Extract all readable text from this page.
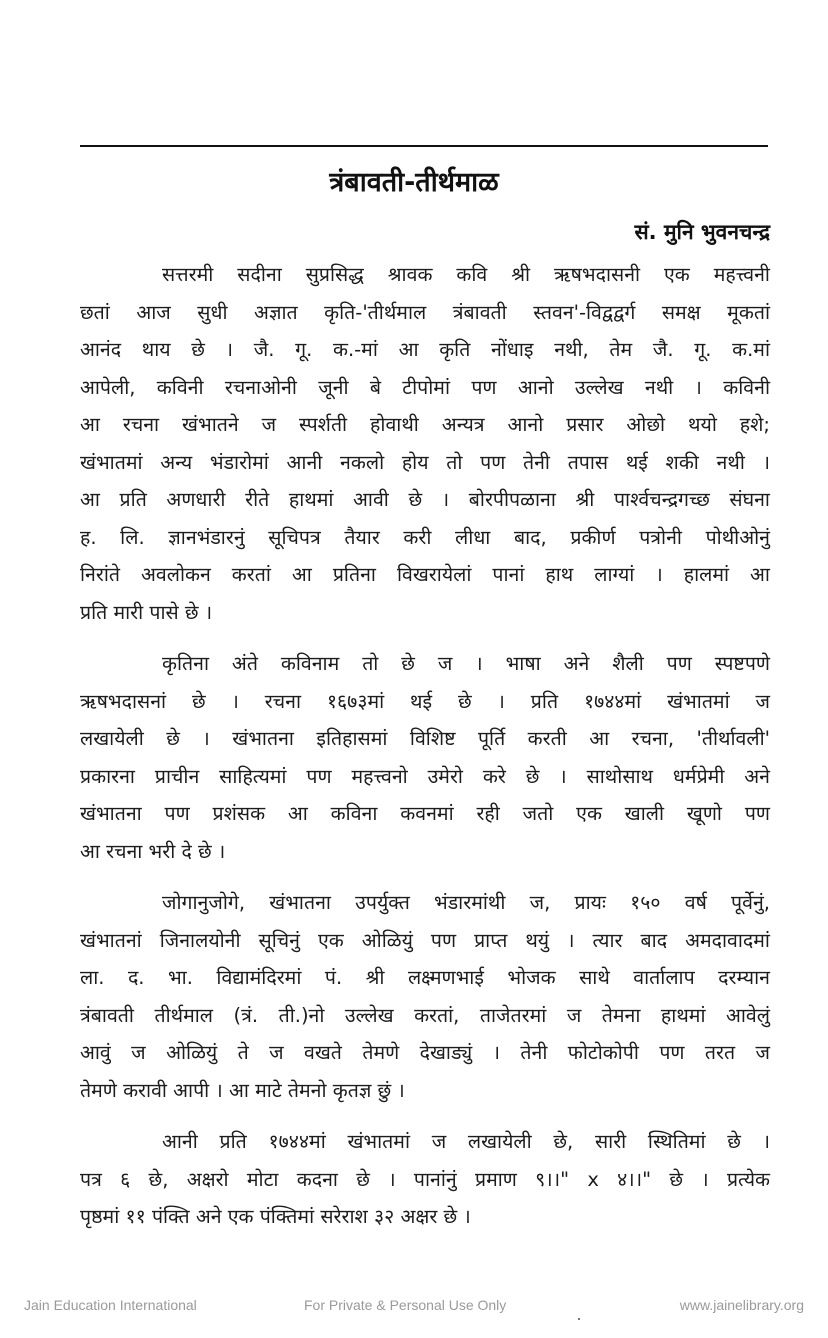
त्रंबावती-तीर्थमाळ
सं. मुनि भुवनचन्द्र
सत्तरमी सदीना सुप्रसिद्ध श्रावक कवि श्री ऋषभदासनी एक महत्त्वनी
छतां आज सुधी अज्ञात कृति-'तीर्थमाल त्रंबावती स्तवन'-विद्वद्वर्ग समक्ष मूकतां
आनंद थाय छे । जै. गू. क.-मां आ कृति नोंधाइ नथी, तेम जै. गू. क.मां
आपेली, कविनी रचनाओनी जूनी बे टीपोमां पण आनो उल्लेख नथी । कविनी
आ रचना खंभातने ज स्पर्शती होवाथी अन्यत्र आनो प्रसार ओछो थयो हशे;
खंभातमां अन्य भंडारोमां आनी नकलो होय तो पण तेनी तपास थई शकी नथी ।
आ प्रति अणधारी रीते हाथमां आवी छे । बोरपीपळाना श्री पार्श्वचन्द्रगच्छ संघना
ह. लि. ज्ञानभंडारनुं सूचिपत्र तैयार करी लीधा बाद, प्रकीर्ण पत्रोनी पोथीओनुं
निरांते अवलोकन करतां आ प्रतिना विखरायेलां पानां हाथ लाग्यां । हालमां आ
प्रति मारी पासे छे ।
कृतिना अंते कविनाम तो छे ज । भाषा अने शैली पण स्पष्टपणे
ऋषभदासनां छे । रचना १६७३मां थई छे । प्रति १७४४मां खंभातमां ज
लखायेली छे । खंभातना इतिहासमां विशिष्ट पूर्ति करती आ रचना, 'तीर्थावली'
प्रकारना प्राचीन साहित्यमां पण महत्त्वनो उमेरो करे छे । साथोसाथ धर्मप्रेमी अने
खंभातना पण प्रशंसक आ कविना कवनमां रही जतो एक खाली खूणो पण
आ रचना भरी दे छे ।
जोगानुजोगे, खंभातना उपर्युक्त भंडारमांथी ज, प्रायः १५० वर्ष पूर्वेनुं,
खंभातनां जिनालयोनी सूचिनुं एक ओळियुं पण प्राप्त थयुं । त्यार बाद अमदावादमां
ला. द. भा. विद्यामंदिरमां पं. श्री लक्ष्मणभाई भोजक साथे वार्तालाप दरम्यान
त्रंबावती तीर्थमाल (त्रं. ती.)नो उल्लेख करतां, ताजेतरमां ज तेमना हाथमां आवेलुं
आवुं ज ओळियुं ते ज वखते तेमणे देखाड्युं । तेनी फोटोकोपी पण तरत ज
तेमणे करावी आपी । आ माटे तेमनो कृतज्ञ छुं ।
आनी प्रति १७४४मां खंभातमां ज लखायेली छे, सारी स्थितिमां छे ।
पत्र ६ छे, अक्षरो मोटा कदना छे । पानांनुं प्रमाण ९।।" x ४।।" छे । प्रत्येक
पृष्ठमां ११ पंक्ति अने एक पंक्तिमां सरेराश ३२ अक्षर छे ।
Jain Education International	For Private & Personal Use Only	www.jainelibrary.org
